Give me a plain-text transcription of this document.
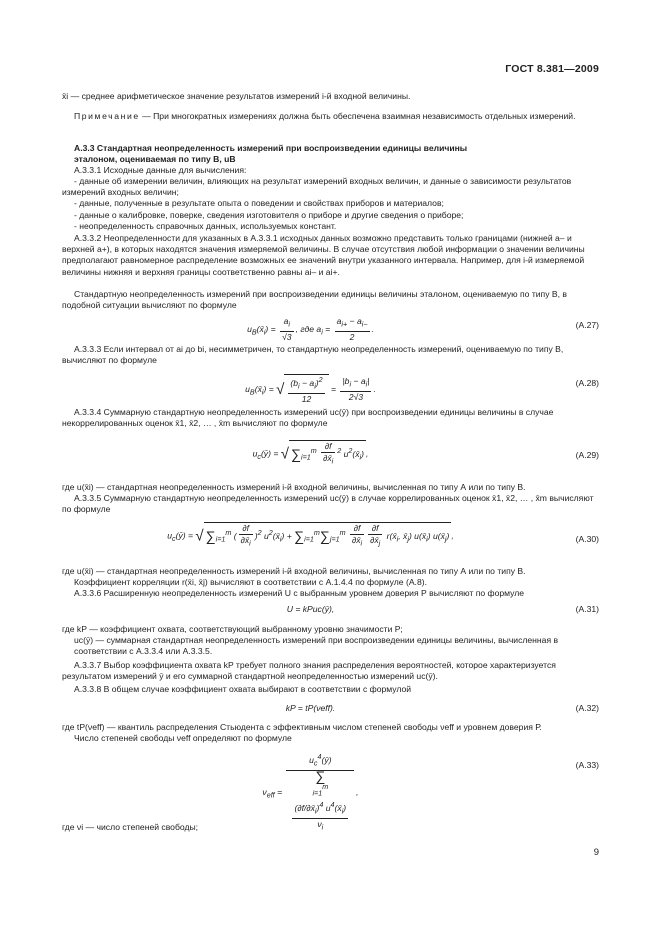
ГОСТ 8.381—2009
x̄i — среднее арифметическое значение результатов измерений i-й входной величины.
Примечание — При многократных измерениях должна быть обеспечена взаимная независимость отдельных измерений.
А.3.3 Стандартная неопределенность измерений при воспроизведении единицы величины
эталоном, оцениваемая по типу В, uB
А.3.3.1 Исходные данные для вычисления:
- данные об измерении величин, влияющих на результат измерений входных величин, и данные о зависимости результатов измерений входных величин;
- данные, полученные в результате опыта о поведении и свойствах приборов и материалов;
- данные о калибровке, поверке, сведения изготовителя о приборе и другие сведения о приборе;
- неопределенность справочных данных, используемых констант.
А.3.3.2 Неопределенности для указанных в А.3.3.1 исходных данных возможно представить только границами (нижней a– и верхней a+), в которых находятся значения измеряемой величины. В случае отсутствия любой информации о значении величины предполагают равномерное распределение возможных ее значений внутри указанного интервала. Например, для i-й измеряемой величины нижняя и верхняя границы соответственно равны ai– и ai+.
Стандартную неопределенность измерений при воспроизведении единицы величины эталоном, оцениваемую по типу В, в подобной ситуации вычисляют по формуле
$u_B(x̄_i) = \frac{a_i}{√3}$ , где $a_i = \frac{a_{i+} - a_{i-}}{2}$ .	(А.27)
А.3.3.3 Если интервал от ai до bi, несимметричен, то стандартную неопределенность измерений, оцениваемую по типу В, вычисляют по формуле
$u_B(x̄_i)$ = √ $\frac{(b_i - a_i)^2}{12} = \frac{|b_i - a_i|}{2√3}$ .
(А.28)
А.3.3.4 Суммарную стандартную неопределенность измерений uc(ȳ) при воспроизведении единицы величины в случае некоррелированных оценок x̄1, x̄2, … , x̄m вычисляют по формуле
$u_c(ȳ)$ = √ $\sum_{i=1}^m \frac{\partial f}{\partial x̄_i} ^2$ $u^2(x̄_i)$ ,	(А.29)
где u(x̄i) — стандартная неопределенность измерений i-й входной величины, вычисленная по типу А или по типу В.
А.3.3.5 Суммарную стандартную неопределенность измерений uc(ȳ) в случае коррелированных оценок x̄1, x̄2, … , x̄m вычисляют по формуле
$u_c(ȳ)$ = √ $\sum_{i=1}^m$ ( $\frac{\partial f}{\partial x̄_i} )^2$ $u^2(x̄_i) + \sum_{i=1}^m\sum_{j=1}^m \frac{\partial f}{\partial x̄_i} \frac{\partial f}{\partial x̄_j}$ $r(x̄_i$, $x̄_j$) $u(x̄_i)$ $u(x̄_j)$ ,	(А.30)
где u(x̄i) — стандартная неопределенность измерений i-й входной величины, вычисленная по типу А или по типу В.
Коэффициент корреляции r(x̄i, x̄j) вычисляют в соответствии с А.1.4.4 по формуле (А.8).
А.3.3.6 Расширенную неопределенность измерений U с выбранным уровнем доверия Р вычисляют по формуле
U = kPuc(ȳ),	(А.31)
где kP — коэффициент охвата, соответствующий выбранному уровню значимости Р;
uc(ȳ) — суммарная стандартная неопределенность измерений при воспроизведении единицы величины, вычисленная в соответствии с А.3.3.4 или А.3.3.5.
А.3.3.7 Выбор коэффициента охвата kP требует полного знания распределения вероятностей, которое характеризуется результатом измерений ȳ и его суммарной стандартной неопределенностью измерений uc(ȳ).
А.3.3.8 В общем случае коэффициент охвата выбирают в соответствии с формулой
kP = tP(νeff).	(А.32)
где tP(νeff) — квантиль распределения Стьюдента с эффективным числом степеней свободы νeff и уровнем доверия Р.
Число степеней свободы νeff определяют по формуле
$\nu_{eff}$ = $u_c^4(ȳ)$
∑
$_{i=1}^m$
$(\partial f/\partial x̄_i)^4$ $u^4(x̄_i)$
$\nu_i$ ,
(А.33)
где νi — число степеней свободы;
9
